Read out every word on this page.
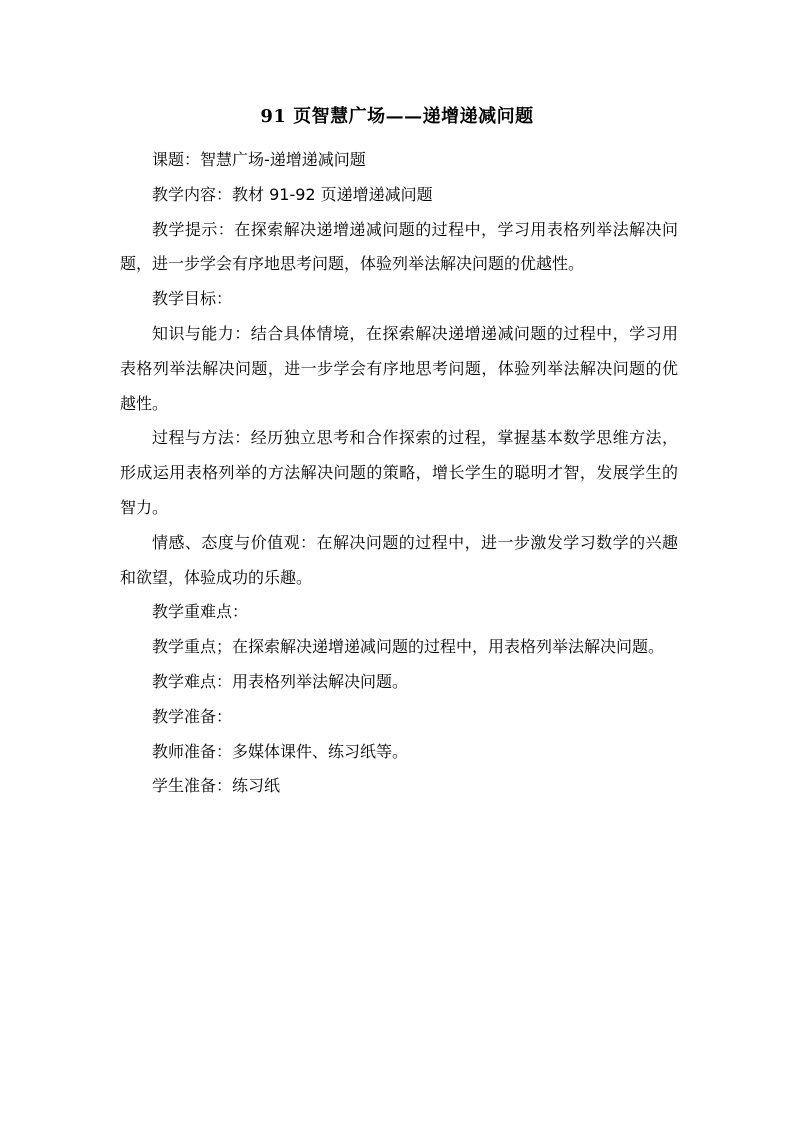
91 页智慧广场——递增递减问题

课题：智慧广场-递增递减问题

教学内容：教材 91-92 页递增递减问题

教学提示：在探索解决递增递减问题的过程中，学习用表格列举法解决问题，进一步学会有序地思考问题，体验列举法解决问题的优越性。

教学目标：

知识与能力：结合具体情境，在探索解决递增递减问题的过程中，学习用表格列举法解决问题，进一步学会有序地思考问题，体验列举法解决问题的优越性。

过程与方法：经历独立思考和合作探索的过程，掌握基本数学思维方法，形成运用表格列举的方法解决问题的策略，增长学生的聪明才智，发展学生的智力。

情感、态度与价值观：在解决问题的过程中，进一步激发学习数学的兴趣和欲望，体验成功的乐趣。

教学重难点：

教学重点；在探索解决递增递减问题的过程中，用表格列举法解决问题。

教学难点：用表格列举法解决问题。

教学准备：

教师准备：多媒体课件、练习纸等。

学生准备：练习纸
